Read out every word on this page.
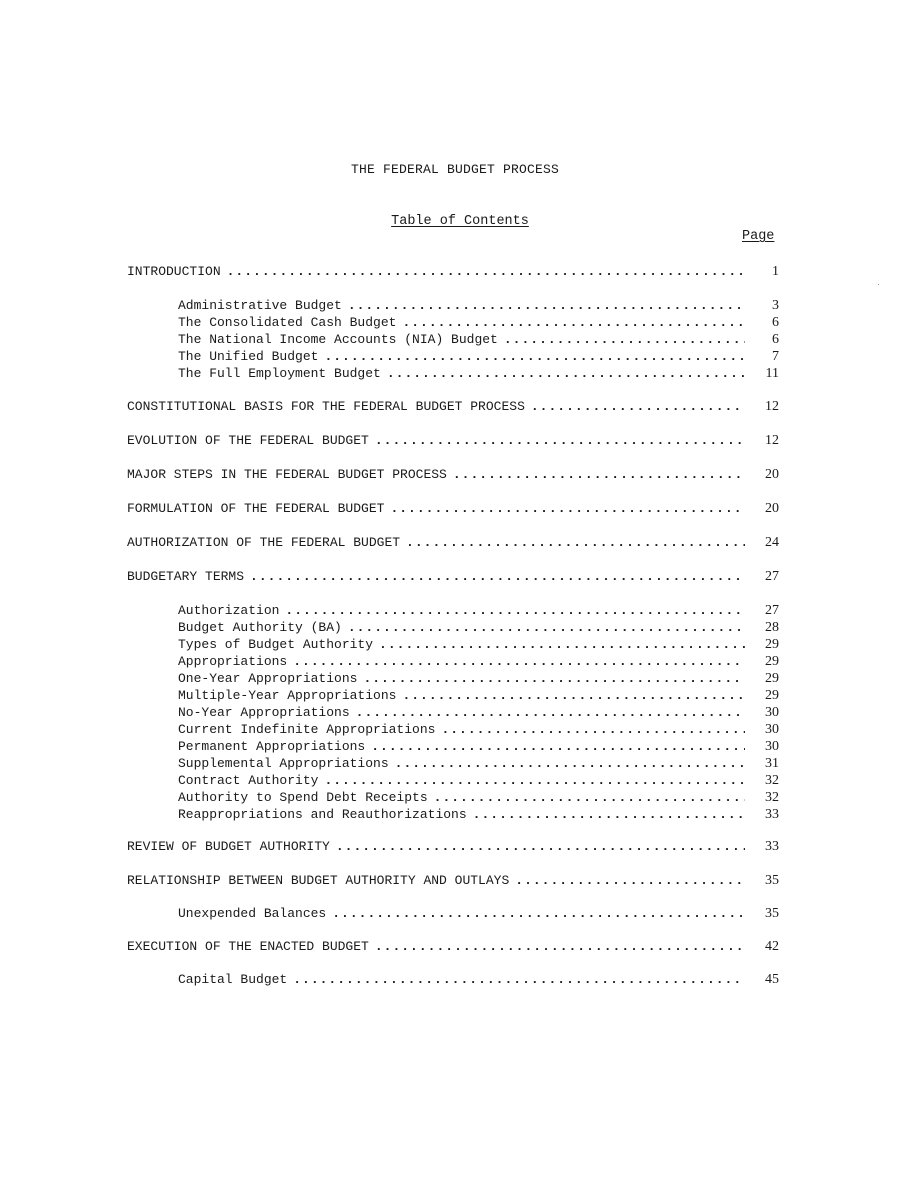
THE FEDERAL BUDGET PROCESS
Table of Contents
Page
INTRODUCTION . . .	1
Administrative Budget . . .	3
The Consolidated Cash Budget . . .	6
The National Income Accounts (NIA) Budget . . .	6
The Unified Budget . . .	7
The Full Employment Budget . . .	11
CONSTITUTIONAL BASIS FOR THE FEDERAL BUDGET PROCESS . . .	12
EVOLUTION OF THE FEDERAL BUDGET . . .	12
MAJOR STEPS IN THE FEDERAL BUDGET PROCESS . . .	20
FORMULATION OF THE FEDERAL BUDGET . . .	20
AUTHORIZATION OF THE FEDERAL BUDGET . . .	24
BUDGETARY TERMS . . .	27
Authorization . . .	27
Budget Authority (BA) . . .	28
Types of Budget Authority . . .	29
Appropriations . . .	29
One-Year Appropriations . . .	29
Multiple-Year Appropriations . . .	29
No-Year Appropriations . . .	30
Current Indefinite Appropriations . . .	30
Permanent Appropriations . . .	30
Supplemental Appropriations . . .	31
Contract Authority . . .	32
Authority to Spend Debt Receipts . . .	32
Reappropriations and Reauthorizations . . .	33
REVIEW OF BUDGET AUTHORITY . . .	33
RELATIONSHIP BETWEEN BUDGET AUTHORITY AND OUTLAYS . . .	35
Unexpended Balances . . .	35
EXECUTION OF THE ENACTED BUDGET . . .	42
Capital Budget . . .	45
